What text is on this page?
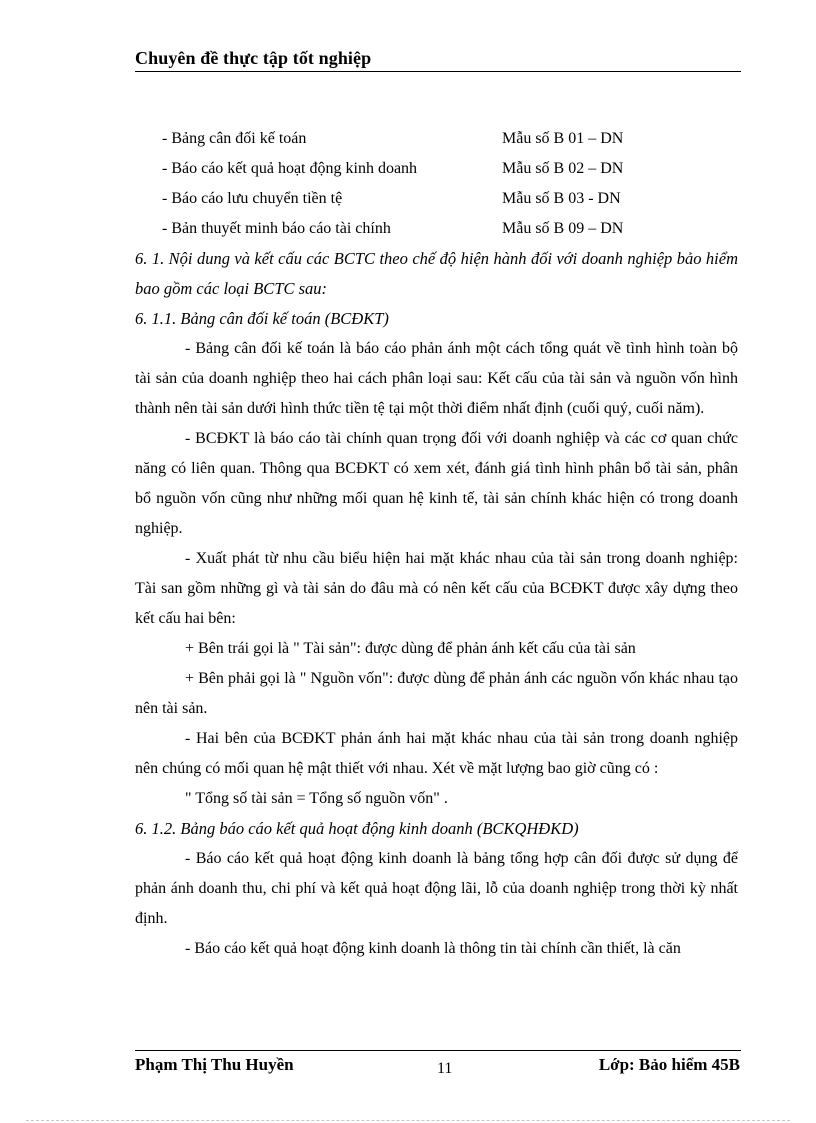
Chuyên đề thực tập tốt nghiệp
- Bảng cân đối kế toán	Mẫu số B 01 – DN
- Báo cáo kết quả hoạt động kinh doanh	Mẫu số B 02 – DN
- Báo cáo lưu chuyển tiền tệ	Mẫu số B 03 - DN
- Bản thuyết minh báo cáo tài chính	Mẫu số B 09 – DN

6. 1. Nội dung và kết cấu các BCTC theo chế độ hiện hành đối với doanh nghiệp bảo hiểm bao gồm các loại BCTC sau:

6. 1.1. Bảng cân đối kế toán (BCĐKT)

- Bảng cân đối kế toán là báo cáo phản ánh một cách tổng quát về tình hình toàn bộ tài sản của doanh nghiệp theo hai cách phân loại sau: Kết cấu của tài sản và nguồn vốn hình thành nên tài sản dưới hình thức tiền tệ tại một thời điểm nhất định (cuối quý, cuối năm).

- BCĐKT là báo cáo tài chính quan trọng đối với doanh nghiệp và các cơ quan chức năng có liên quan. Thông qua BCĐKT có xem xét, đánh giá tình hình phân bổ tài sản, phân bổ nguồn vốn cũng như những mối quan hệ kinh tế, tài sản chính khác hiện có trong doanh nghiệp.

- Xuất phát từ nhu cầu biểu hiện hai mặt khác nhau của tài sản trong doanh nghiệp: Tài san gồm những gì và tài sản do đâu mà có nên kết cấu của BCĐKT được xây dựng theo kết cấu hai bên:

+ Bên trái gọi là " Tài sản": được dùng để phản ánh kết cấu của tài sản

+ Bên phải gọi là " Nguồn vốn": được dùng để phản ánh các nguồn vốn khác nhau tạo nên tài sản.

- Hai bên của BCĐKT phản ánh hai mặt khác nhau của tài sản trong doanh nghiệp nên chúng có mối quan hệ mật thiết với nhau. Xét về mặt lượng bao giờ cũng có :

" Tổng số tài sản = Tổng số nguồn vốn" .

6. 1.2. Bảng báo cáo kết quả hoạt động kinh doanh (BCKQHĐKD)

- Báo cáo kết quả hoạt động kinh doanh là bảng tổng hợp cân đối được sử dụng để phản ánh doanh thu, chi phí và kết quả hoạt động lãi, lỗ của doanh nghiệp trong thời kỳ nhất định.

- Báo cáo kết quả hoạt động kinh doanh là thông tin tài chính cần thiết, là căn

Phạm Thị Thu Huyền	11	Lớp: Bảo hiểm 45B
